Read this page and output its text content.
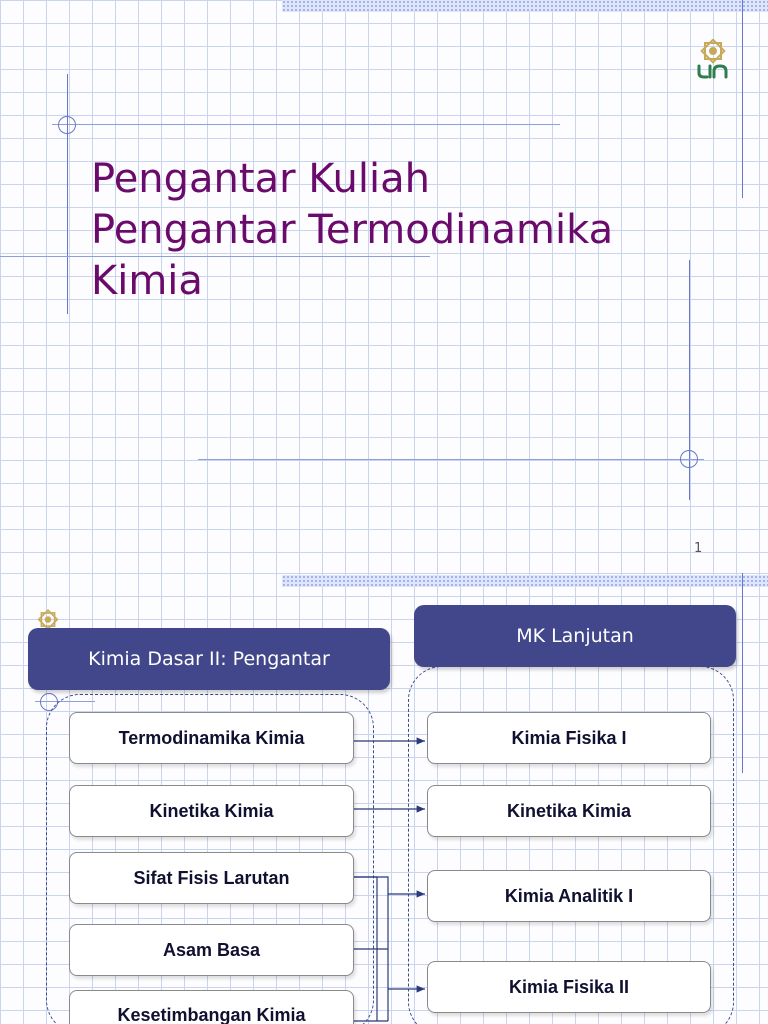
Pengantar Kuliah
Pengantar Termodinamika
Kimia
1
Kimia Dasar II: Pengantar
MK Lanjutan
Termodinamika Kimia
Kinetika Kimia
Sifat Fisis Larutan
Asam Basa
Kesetimbangan Kimia
Kimia Fisika I
Kinetika Kimia
Kimia Analitik I
Kimia Fisika II
